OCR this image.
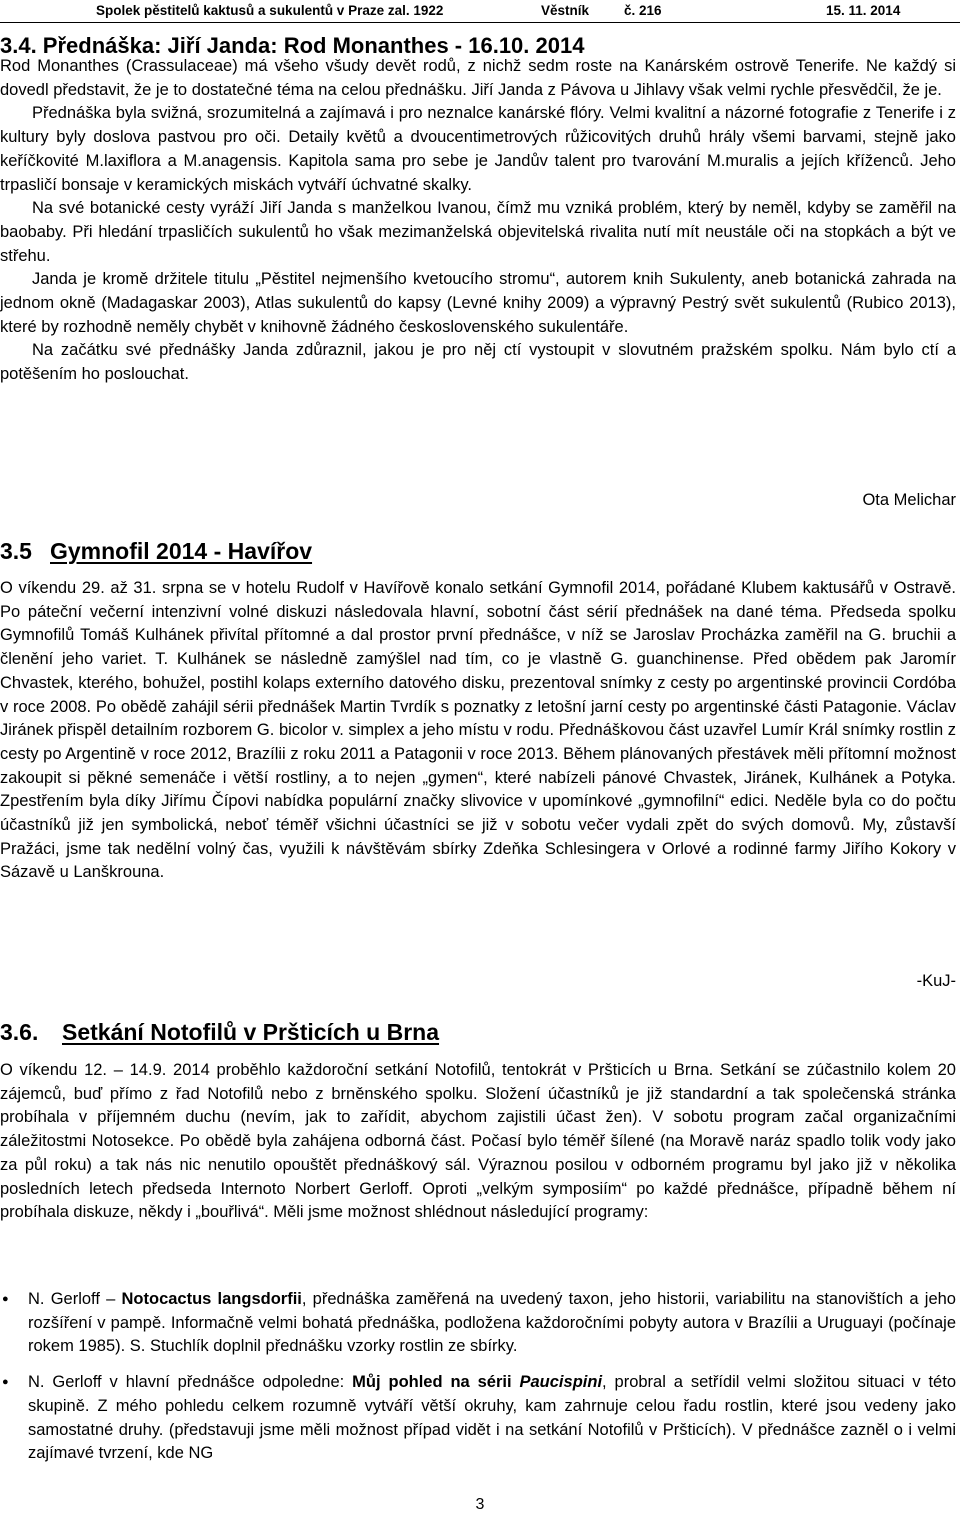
Spolek pěstitelů kaktusů a sukulentů v Praze zal. 1922	Věstník	č. 216	15. 11. 2014
3.4. Přednáška: Jiří Janda: Rod Monanthes - 16.10. 2014

Rod Monanthes (Crassulaceae) má všeho všudy devět rodů, z nichž sedm roste na Kanárském ostrově Tenerife. Ne každý si dovedl představit, že je to dostatečné téma na celou přednášku. Jiří Janda z Pávova u Jihlavy však velmi rychle přesvědčil, že je.

Přednáška byla svižná, srozumitelná a zajímavá i pro neznalce kanárské flóry. Velmi kvalitní a názorné fotografie z Tenerife i z kultury byly doslova pastvou pro oči. Detaily květů a dvoucentimetrových růžicovitých druhů hrály všemi barvami, stejně jako keříčkovité M.laxiflora a M.anagensis. Kapitola sama pro sebe je Jandův talent pro tvarování M.muralis a jejích kříženců. Jeho trpasličí bonsaje v keramických miskách vytváří úchvatné skalky.

Na své botanické cesty vyráží Jiří Janda s manželkou Ivanou, čímž mu vzniká problém, který by neměl, kdyby se zaměřil na baobaby. Při hledání trpasličích sukulentů ho však mezimanželská objevitelská rivalita nutí mít neustále oči na stopkách a být ve střehu.

Janda je kromě držitele titulu „Pěstitel nejmenšího kvetoucího stromu“, autorem knih Sukulenty, aneb botanická zahrada na jednom okně (Madagaskar 2003), Atlas sukulentů do kapsy (Levné knihy 2009) a výpravný Pestrý svět sukulentů (Rubico 2013), které by rozhodně neměly chybět v knihovně žádného československého sukulentáře.

Na začátku své přednášky Janda zdůraznil, jakou je pro něj ctí vystoupit v slovutném pražském spolku. Nám bylo ctí a potěšením ho poslouchat.

Ota Melichar
3.5 Gymnofil 2014 - Havířov

O víkendu 29. až 31. srpna se v hotelu Rudolf v Havířově konalo setkání Gymnofil 2014, pořádané Klubem kaktusářů v Ostravě. Po páteční večerní intenzivní volné diskuzi následovala hlavní, sobotní část sérií přednášek na dané téma. Předseda spolku Gymnofilů Tomáš Kulhánek přivítal přítomné a dal prostor první přednášce, v níž se Jaroslav Procházka zaměřil na G. bruchii a členění jeho variet. T. Kulhánek se následně zamýšlel nad tím, co je vlastně G. guanchinense. Před obědem pak Jaromír Chvastek, kterého, bohužel, postihl kolaps externího datového disku, prezentoval snímky z cesty po argentinské provincii Cordóba v roce 2008. Po obědě zahájil sérii přednášek Martin Tvrdík s poznatky z letošní jarní cesty po argentinské části Patagonie. Václav Jiránek přispěl detailním rozborem G. bicolor v. simplex a jeho místu v rodu. Přednáškovou část uzavřel Lumír Král snímky rostlin z cesty po Argentině v roce 2012, Brazílii z roku 2011 a Patagonii v roce 2013. Během plánovaných přestávek měli přítomní možnost zakoupit si pěkné semenáče i větší rostliny, a to nejen „gymen“, které nabízeli pánové Chvastek, Jiránek, Kulhánek a Potyka. Zpestřením byla díky Jiřímu Čípovi nabídka populární značky slivovice v upomínkové „gymnofilní“ edici. Neděle byla co do počtu účastníků již jen symbolická, neboť téměř všichni účastníci se již v sobotu večer vydali zpět do svých domovů. My, zůstavší Pražáci, jsme tak nedělní volný čas, využili k návštěvám sbírky Zdeňka Schlesingera v Orlové a rodinné farmy Jiřího Kokory v Sázavě u Lanškrouna.

-KuJ-
3.6. Setkání Notofilů v Pršticích u Brna

O víkendu 12. – 14.9. 2014 proběhlo každoroční setkání Notofilů, tentokrát v Pršticích u Brna. Setkání se zúčastnilo kolem 20 zájemců, buď přímo z řad Notofilů nebo z brněnského spolku. Složení účastníků je již standardní a tak společenská stránka probíhala v příjemném duchu (nevím, jak to zařídit, abychom zajistili účast žen). V sobotu program začal organizačními záležitostmi Notosekce. Po obědě byla zahájena odborná část. Počasí bylo téměř šílené (na Moravě naráz spadlo tolik vody jako za půl roku) a tak nás nic nenutilo opouštět přednáškový sál. Výraznou posilou v odborném programu byl jako již v několika posledních letech předseda Internoto Norbert Gerloff. Oproti „velkým symposiím“ po každé přednášce, případně během ní probíhala diskuze, někdy i „bouřlivá“. Měli jsme možnost shlédnout následující programy:

● N. Gerloff – Notocactus langsdorfii, přednáška zaměřená na uvedený taxon, jeho historii, variabilitu na stanovištích a jeho rozšíření v pampě. Informačně velmi bohatá přednáška, podložena každoročními pobyty autora v Brazílii a Uruguayi (počínaje rokem 1985). S. Stuchlík doplnil přednášku vzorky rostlin ze sbírky.
● N. Gerloff v hlavní přednášce odpoledne: Můj pohled na sérii Paucispini, probral a setřídil velmi složitou situaci v této skupině. Z mého pohledu celkem rozumně vytváří větší okruhy, kam zahrnuje celou řadu rostlin, které jsou vedeny jako samostatné druhy. (představuji jsme měli možnost případ vidět i na setkání Notofilů v Pršticích). V přednášce zazněl o i velmi zajímavé tvrzení, kde NG
3
